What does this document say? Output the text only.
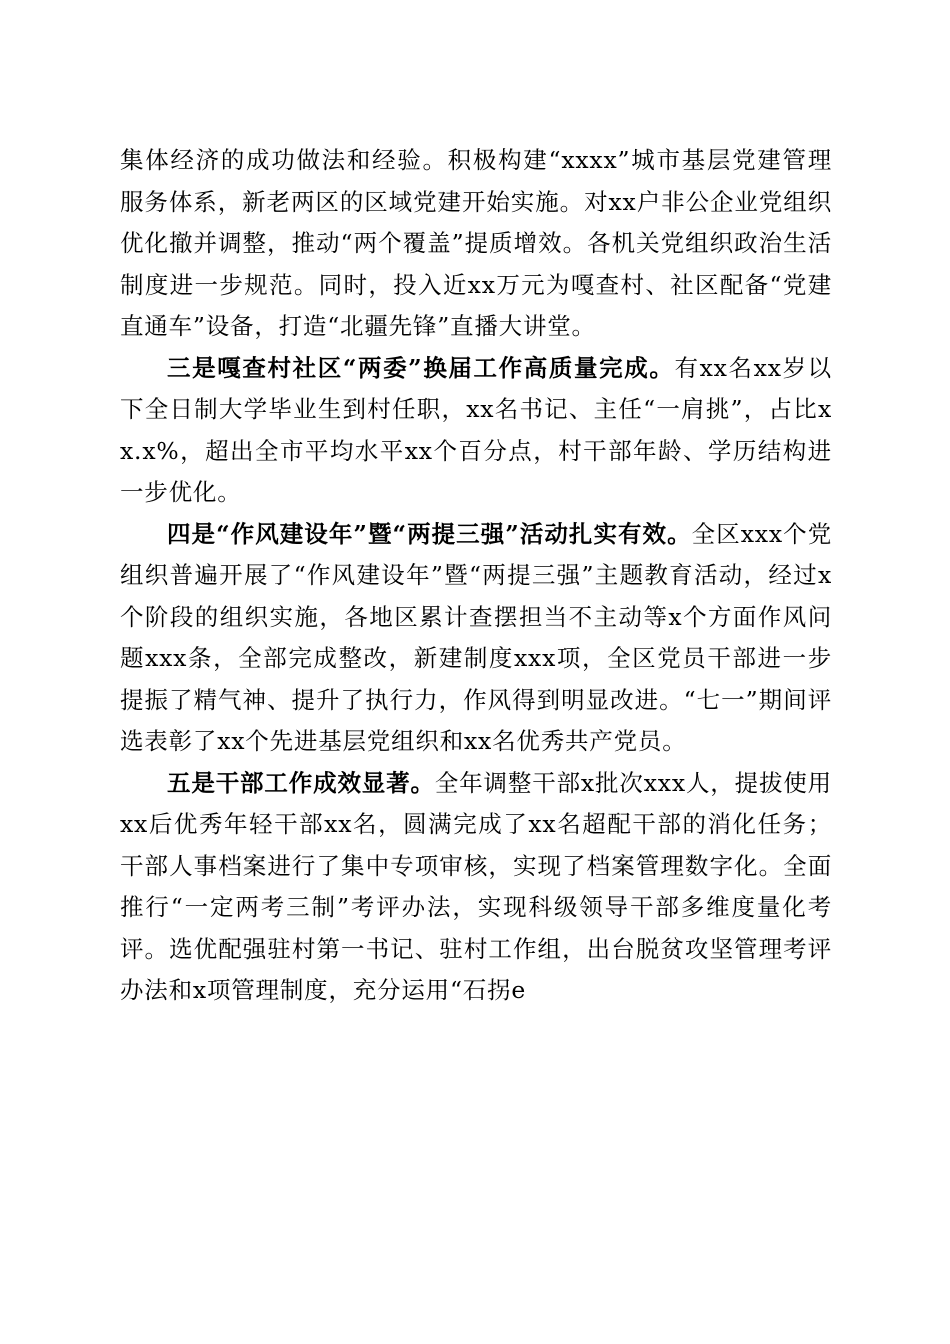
集体经济的成功做法和经验。积极构建“xxxx”城市基层党建管理服务体系，新老两区的区域党建开始实施。对xx户非公企业党组织优化撤并调整，推动“两个覆盖”提质增效。各机关党组织政治生活制度进一步规范。同时，投入近xx万元为嘎查村、社区配备“党建直通车”设备，打造“北疆先锋”直播大讲堂。

三是嘎查村社区“两委”换届工作高质量完成。有xx名xx岁以下全日制大学毕业生到村任职，xx名书记、主任“一肩挑”，占比xx.x%，超出全市平均水平xx个百分点，村干部年龄、学历结构进一步优化。

四是“作风建设年”暨“两提三强”活动扎实有效。全区xxx个党组织普遍开展了“作风建设年”暨“两提三强”主题教育活动，经过x个阶段的组织实施，各地区累计查摆担当不主动等x个方面作风问题xxx条，全部完成整改，新建制度xxx项，全区党员干部进一步提振了精气神、提升了执行力，作风得到明显改进。“七一”期间评选表彰了xx个先进基层党组织和xx名优秀共产党员。

五是干部工作成效显著。全年调整干部x批次xxx人，提拔使用xx后优秀年轻干部xx名，圆满完成了xx名超配干部的消化任务；干部人事档案进行了集中专项审核，实现了档案管理数字化。全面推行“一定两考三制”考评办法，实现科级领导干部多维度量化考评。选优配强驻村第一书记、驻村工作组，出台脱贫攻坚管理考评办法和x项管理制度，充分运用“石拐e
